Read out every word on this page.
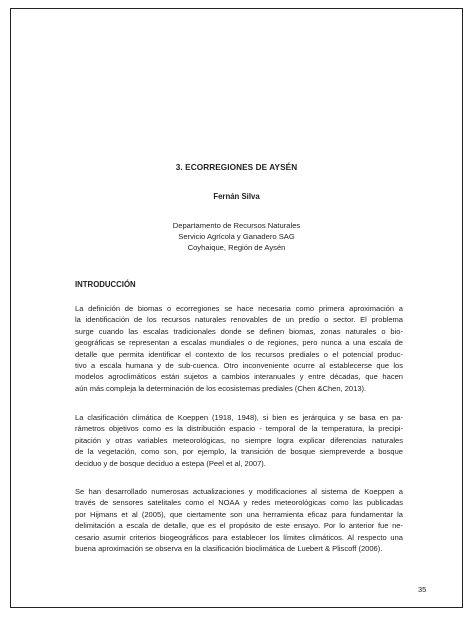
3. ECORREGIONES DE AYSÉN
Fernán Silva
Departamento de Recursos Naturales
Servicio Agrícola y Ganadero SAG
Coyhaique, Región de Aysén
INTRODUCCIÓN
La definición de biomas o ecorregiones se hace necesaria como primera aproximación a
la identificación de los recursos naturales renovables de un predio o sector. El problema
surge cuando las escalas tradicionales donde se definen biomas, zonas naturales o bio-
geográficas se representan a escalas mundiales o de regiones, pero nunca a una escala de
detalle que permita identificar el contexto de los recursos prediales o el potencial produc-
tivo a escala humana y de sub-cuenca. Otro inconveniente ocurre al establecerse que los
modelos agroclimáticos están sujetos a cambios interanuales y entre décadas, que hacen
aún más compleja la determinación de los ecosistemas prediales (Chen &Chen, 2013).
La clasificación climática de Koeppen (1918, 1948), si bien es jerárquica y se basa en pa-
rámetros objetivos como es la distribución espacio - temporal de la temperatura, la precipi-
pitación y otras variables meteorológicas, no siempre logra explicar diferencias naturales
de la vegetación, como son, por ejemplo, la transición de bosque siempreverde a bosque
deciduo y de bosque deciduo a estepa (Peel et al, 2007).
Se han desarrollado numerosas actualizaciones y modificaciones al sistema de Koeppen a
través de sensores satelitales como el NOAA y redes meteorológicas como las publicadas
por Hijmans et al (2005), que ciertamente son una herramienta eficaz para fundamentar la
delimitación a escala de detalle, que es el propósito de este ensayo. Por lo anterior fue ne-
cesario asumir criterios biogeográficos para establecer los límites climáticos. Al respecto una
buena aproximación se observa en la clasificación bioclimática de Luebert & Pliscoff (2006).
35
